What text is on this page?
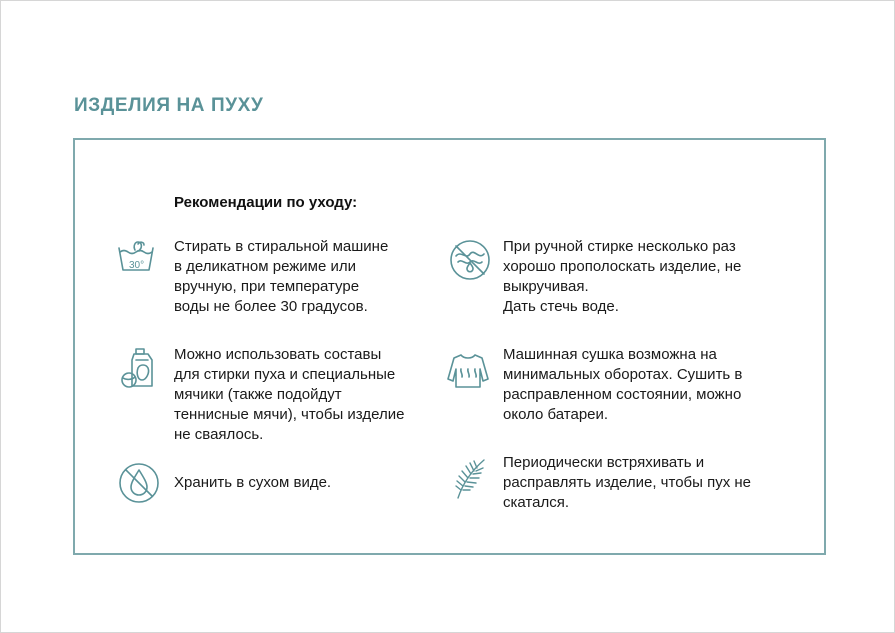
ИЗДЕЛИЯ НА ПУХУ
Рекомендации по уходу:
30°
Стирать в стиральной машине
в деликатном режиме или
вручную, при температуре
воды не более 30 градусов.
При ручной стирке несколько раз
хорошо прополоскать изделие, не
выкручивая.
Дать стечь воде.
Можно использовать составы
для стирки пуха и специальные
мячики (также подойдут
теннисные мячи), чтобы изделие
не сваялось.
Машинная сушка возможна на
минимальных оборотах. Сушить в
расправленном состоянии, можно
около батареи.
Хранить в сухом виде.
Периодически встряхивать и
расправлять изделие, чтобы пух не
скатался.
